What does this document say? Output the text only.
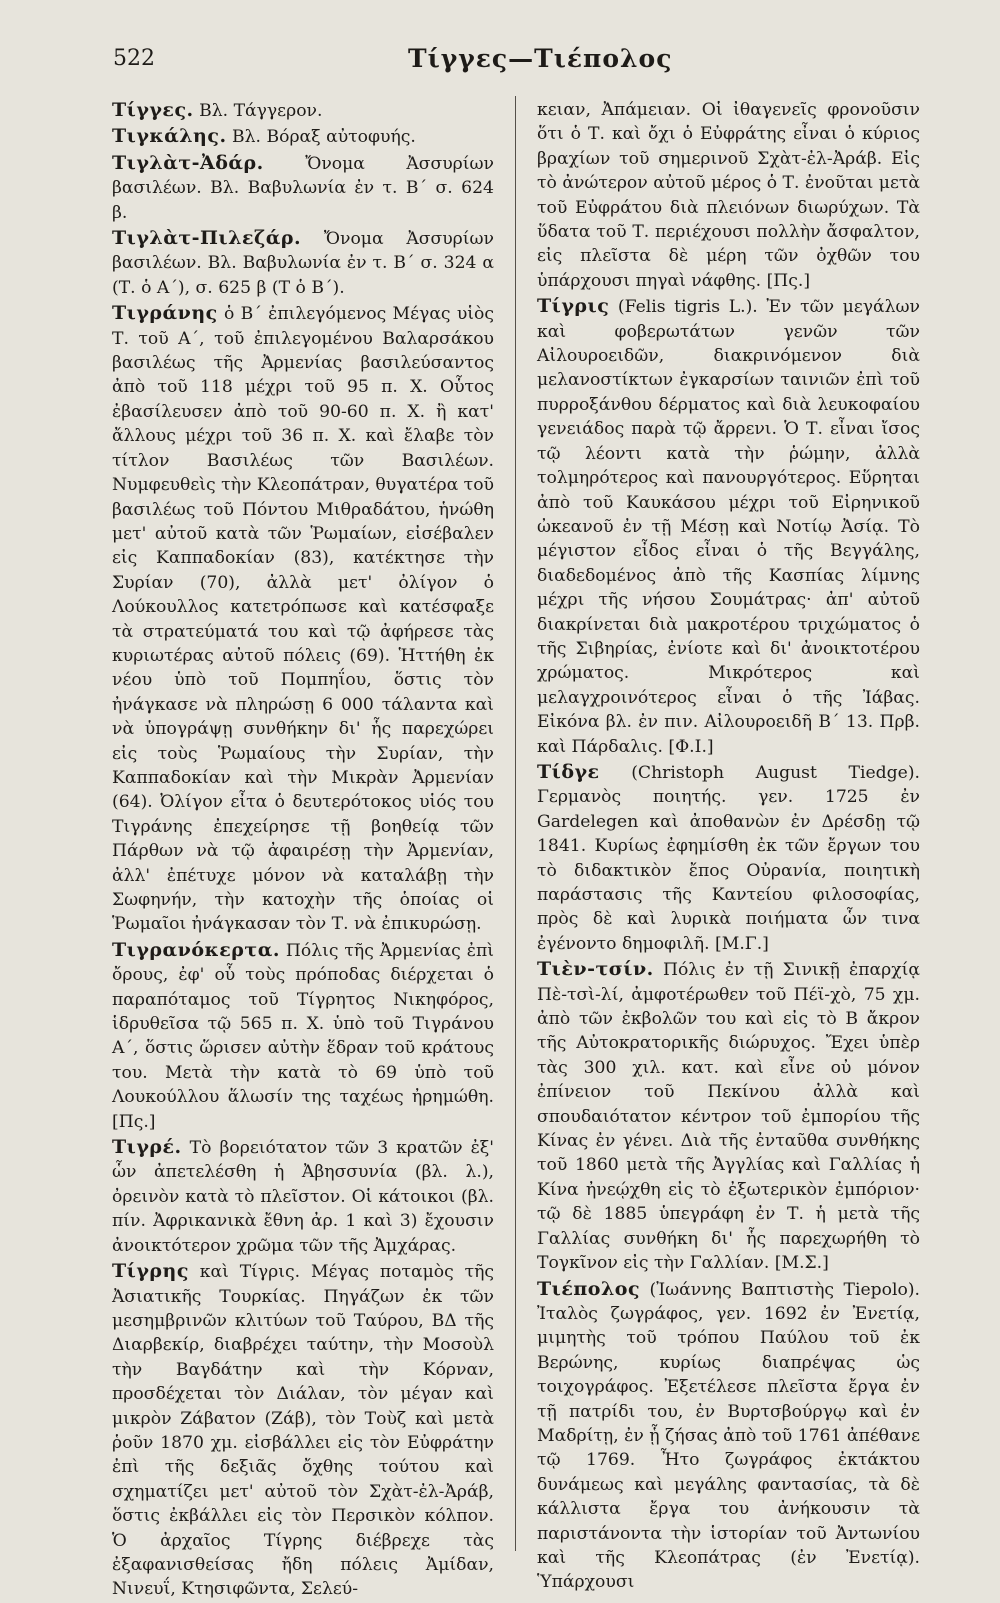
522	Τίγγες—Τιέπολος

Τίγγες. Βλ. Τάγγερον.

Τιγκάλης. Βλ. Βόραξ αὐτοφυής.

Τιγλὰτ-Ἀδάρ. Ὄνομα Ἀσσυρίων βασιλέων. Βλ. Βαβυλωνία ἐν τ. Β΄ σ. 624 β.

Τιγλὰτ-Πιλεζάρ. Ὄνομα Ἀσσυρίων βασιλέων. Βλ. Βαβυλωνία ἐν τ. Β΄ σ. 324 α (Τ. ὁ Α΄), σ. 625 β (Τ ὁ Β΄).

Τιγράνης ὁ Β΄ ἐπιλεγόμενος Μέγας υἱὸς Τ. τοῦ Α΄, τοῦ ἐπιλεγομένου Βαλαρσάκου βασιλέως τῆς Ἀρμενίας βασιλεύσαντος ἀπὸ τοῦ 118 μέχρι τοῦ 95 π. Χ. Οὗτος ἐβασίλευσεν ἀπὸ τοῦ 90-60 π. Χ. ἢ κατ' ἄλλους μέχρι τοῦ 36 π. Χ. καὶ ἔλαβε τὸν τίτλον Βασιλέως τῶν Βασιλέων. Νυμφευθεὶς τὴν Κλεοπάτραν, θυγατέρα τοῦ βασιλέως τοῦ Πόντου Μιθραδάτου, ἡνώθη μετ' αὐτοῦ κατὰ τῶν Ῥωμαίων, εἰσέβαλεν εἰς Καππαδοκίαν (83), κατέκτησε τὴν Συρίαν (70), ἀλλὰ μετ' ὀλίγον ὁ Λούκουλλος κατετρόπωσε καὶ κατέσφαξε τὰ στρατεύματά του καὶ τῷ ἀφήρεσε τὰς κυριωτέρας αὐτοῦ πόλεις (69). Ἡττήθη ἐκ νέου ὑπὸ τοῦ Πομπηΐου, ὅστις τὸν ἠνάγκασε νὰ πληρώσῃ 6 000 τάλαντα καὶ νὰ ὑπογράψῃ συνθήκην δι' ἧς παρεχώρει εἰς τοὺς Ῥωμαίους τὴν Συρίαν, τὴν Καππαδοκίαν καὶ τὴν Μικρὰν Ἀρμενίαν (64). Ὀλίγον εἶτα ὁ δευτερότοκος υἱός του Τιγράνης ἐπεχείρησε τῇ βοηθείᾳ τῶν Πάρθων νὰ τῷ ἀφαιρέσῃ τὴν Ἀρμενίαν, ἀλλ' ἐπέτυχε μόνον νὰ καταλάβῃ τὴν Σωφηνήν, τὴν κατοχὴν τῆς ὁποίας οἱ Ῥωμαῖοι ἠνάγκασαν τὸν Τ. νὰ ἐπικυρώσῃ.

Τιγρανόκερτα. Πόλις τῆς Ἀρμενίας ἐπὶ ὄρους, ἐφ' οὗ τοὺς πρόποδας διέρχεται ὁ παραπόταμος τοῦ Τίγρητος Νικηφόρος, ἱδρυθεῖσα τῷ 565 π. Χ. ὑπὸ τοῦ Τιγράνου Α΄, ὅστις ὥρισεν αὐτὴν ἕδραν τοῦ κράτους του. Μετὰ τὴν κατὰ τὸ 69 ὑπὸ τοῦ Λουκούλλου ἅλωσίν της ταχέως ἠρημώθη. [Πς.]

Τιγρέ. Τὸ βορειότατον τῶν 3 κρατῶν ἐξ' ὧν ἀπετελέσθη ἡ Ἀβησσυνία (βλ. λ.), ὀρεινὸν κατὰ τὸ πλεῖστον. Οἱ κάτοικοι (βλ. πίν. Ἀφρικανικὰ ἔθνη ἀρ. 1 καὶ 3) ἔχουσιν ἀνοικτότερον χρῶμα τῶν τῆς Ἀμχάρας.

Τίγρης καὶ Τίγρις. Μέγας ποταμὸς τῆς Ἀσιατικῆς Τουρκίας. Πηγάζων ἐκ τῶν μεσημβρινῶν κλιτύων τοῦ Ταύρου, ΒΔ τῆς Διαρβεκίρ, διαβρέχει ταύτην, τὴν Μοσοὺλ τὴν Βαγδάτην καὶ τὴν Κόρναν, προσδέχεται τὸν Διάλαν, τὸν μέγαν καὶ μικρὸν Ζάβατον (Ζάβ), τὸν Τοὺζ καὶ μετὰ ῥοῦν 1870 χμ. εἰσβάλλει εἰς τὸν Εὐφράτην ἐπὶ τῆς δεξιᾶς ὄχθης τούτου καὶ σχηματίζει μετ' αὐτοῦ τὸν Σχὰτ-ἐλ-Ἀράβ, ὅστις ἐκβάλλει εἰς τὸν Περσικὸν κόλπον. Ὁ ἀρχαῖος Τίγρης διέβρεχε τὰς ἐξαφανισθείσας ἤδη πόλεις Ἀμίδαν, Νινευΐ, Κτησιφῶντα, Σελεύ-

κειαν, Ἀπάμειαν. Οἱ ἰθαγενεῖς φρονοῦσιν ὅτι ὁ Τ. καὶ ὄχι ὁ Εὐφράτης εἶναι ὁ κύριος βραχίων τοῦ σημερινοῦ Σχὰτ-ἐλ-Ἀράβ. Εἰς τὸ ἀνώτερον αὐτοῦ μέρος ὁ Τ. ἐνοῦται μετὰ τοῦ Εὐφράτου διὰ πλειόνων διωρύχων. Τὰ ὕδατα τοῦ Τ. περιέχουσι πολλὴν ἄσφαλτον, εἰς πλεῖστα δὲ μέρη τῶν ὀχθῶν του ὑπάρχουσι πηγαὶ νάφθης. [Πς.]

Τίγρις (Felis tigris L.). Ἐν τῶν μεγάλων καὶ φοβερωτάτων γενῶν τῶν Αἰλουροειδῶν, διακρινόμενον διὰ μελανοστίκτων ἐγκαρσίων ταινιῶν ἐπὶ τοῦ πυρροξάνθου δέρματος καὶ διὰ λευκοφαίου γενειάδος παρὰ τῷ ἄρρενι. Ὁ Τ. εἶναι ἴσος τῷ λέοντι κατὰ τὴν ῥώμην, ἀλλὰ τολμηρότερος καὶ πανουργότερος. Εὕρηται ἀπὸ τοῦ Καυκάσου μέχρι τοῦ Εἰρηνικοῦ ὠκεανοῦ ἐν τῇ Μέσῃ καὶ Νοτίῳ Ἀσίᾳ. Τὸ μέγιστον εἶδος εἶναι ὁ τῆς Βεγγάλης, διαδεδομένος ἀπὸ τῆς Κασπίας λίμνης μέχρι τῆς νήσου Σουμάτρας· ἀπ' αὐτοῦ διακρίνεται διὰ μακροτέρου τριχώματος ὁ τῆς Σιβηρίας, ἐνίοτε καὶ δι' ἀνοικτοτέρου χρώματος. Μικρότερος καὶ μελαγχροινότερος εἶναι ὁ τῆς Ἰάβας. Εἰκόνα βλ. ἐν πιν. Αἰλουροειδῆ Β΄ 13. Πρβ. καὶ Πάρδαλις. [Φ.Ι.]

Τίδγε (Christoph August Tiedge). Γερμανὸς ποιητής. γεν. 1725 ἐν Gardelegen καὶ ἀποθανὼν ἐν Δρέσδῃ τῷ 1841. Κυρίως ἐφημίσθη ἐκ τῶν ἔργων του τὸ διδακτικὸν ἔπος Οὐρανία, ποιητικὴ παράστασις τῆς Καντείου φιλοσοφίας, πρὸς δὲ καὶ λυρικὰ ποιήματα ὧν τινα ἐγένοντο δημοφιλῆ. [Μ.Γ.]

Τιὲν-τσίν. Πόλις ἐν τῇ Σινικῇ ἐπαρχίᾳ Πὲ-τσὶ-λί, ἀμφοτέρωθεν τοῦ Πέϊ-χὸ, 75 χμ. ἀπὸ τῶν ἐκβολῶν του καὶ εἰς τὸ Β ἄκρον τῆς Αὐτοκρατορικῆς διώρυχος. Ἔχει ὑπὲρ τὰς 300 χιλ. κατ. καὶ εἶνε οὐ μόνον ἐπίνειον τοῦ Πεκίνου ἀλλὰ καὶ σπουδαιότατον κέντρον τοῦ ἐμπορίου τῆς Κίνας ἐν γένει. Διὰ τῆς ἐνταῦθα συνθήκης τοῦ 1860 μετὰ τῆς Ἀγγλίας καὶ Γαλλίας ἡ Κίνα ἠνεῴχθη εἰς τὸ ἐξωτερικὸν ἐμπόριον· τῷ δὲ 1885 ὑπεγράφη ἐν Τ. ἡ μετὰ τῆς Γαλλίας συνθήκη δι' ἧς παρεχωρήθη τὸ Τογκῖνον εἰς τὴν Γαλλίαν. [Μ.Σ.]

Τιέπολος (Ἰωάννης Βαπτιστὴς Tiepolo). Ἰταλὸς ζωγράφος, γεν. 1692 ἐν Ἐνετίᾳ, μιμητὴς τοῦ τρόπου Παύλου τοῦ ἐκ Βερώνης, κυρίως διαπρέψας ὡς τοιχογράφος. Ἐξετέλεσε πλεῖστα ἔργα ἐν τῇ πατρίδι του, ἐν Βυρτσβούργῳ καὶ ἐν Μαδρίτῃ, ἐν ᾗ ζήσας ἀπὸ τοῦ 1761 ἀπέθανε τῷ 1769. Ἦτο ζωγράφος ἐκτάκτου δυνάμεως καὶ μεγάλης φαντασίας, τὰ δὲ κάλλιστα ἔργα του ἀνήκουσιν τὰ παριστάνοντα τὴν ἱστορίαν τοῦ Ἀντωνίου καὶ τῆς Κλεοπάτρας (ἐν Ἐνετίᾳ). Ὑπάρχουσι
